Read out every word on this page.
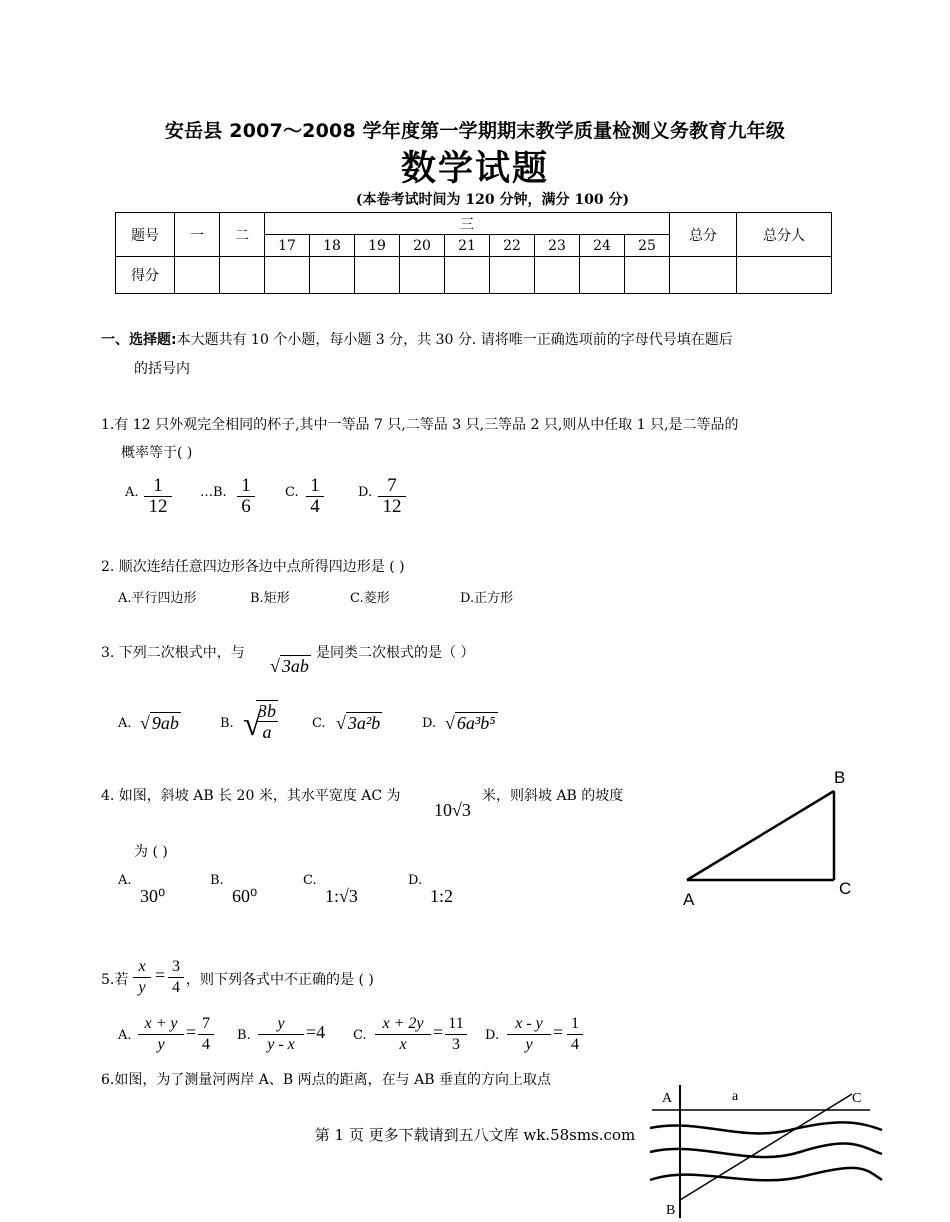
安岳县 2007～2008 学年度第一学期期末教学质量检测义务教育九年级
数学试题
(本卷考试时间为 120 分钟，满分 100 分)
题号	一	二	三									总分	总分人
			17	18	19	20	21	22	23	24	25		
得分													
一、选择题:本大题共有 10 个小题，每小题 3 分，共 30 分. 请将唯一正确选项前的字母代号填在题后
的括号内
1.有 12 只外观完全相同的杯子,其中一等品 7 只,二等品 3 只,三等品 2 只,则从中任取 1 只,是二等品的
概率等于( )
A. $\frac{1}{12}$ …B. $\frac{1}{6} C$. $\frac{1}{4}$	D. $\frac{7}{12}$
2. 顺次连结任意四边形各边中点所得四边形是 ( )
A.平行四边形	B.矩形	C.菱形	D.正方形
3. 下列二次根式中，与
√ 3ab
是同类二次根式的是（ ）
A. √ 9ab	B. √
$\frac{3b}{a}$	C. √ 3a²b	D. √ 6a³b⁵
4. 如图，斜坡 AB 长 20 米，其水平宽度 AC 为
10√3
米，则斜坡 AB 的坡度
为 ( )
A.
30⁰
B.
60⁰
C.
1:√3
D.
1:2
B
A
C
5.若 $\frac{x}{y} = \frac{3}{4}$ ，则下列各式中不正确的是 ( )
A. $\frac{x + y}{y} = \frac{7}{4} B$. $\frac{y}{y - x} =4$ C. $\frac{x + 2y}{x} = \frac{11}{3} D$. $\frac{x - y}{y} = \frac{1}{4}$
6.如图，为了测量河两岸 A、B 两点的距离，在与 AB 垂直的方向上取点
A	a	C
B
第 1 页 更多下载请到五八文库 wk.58sms.com
